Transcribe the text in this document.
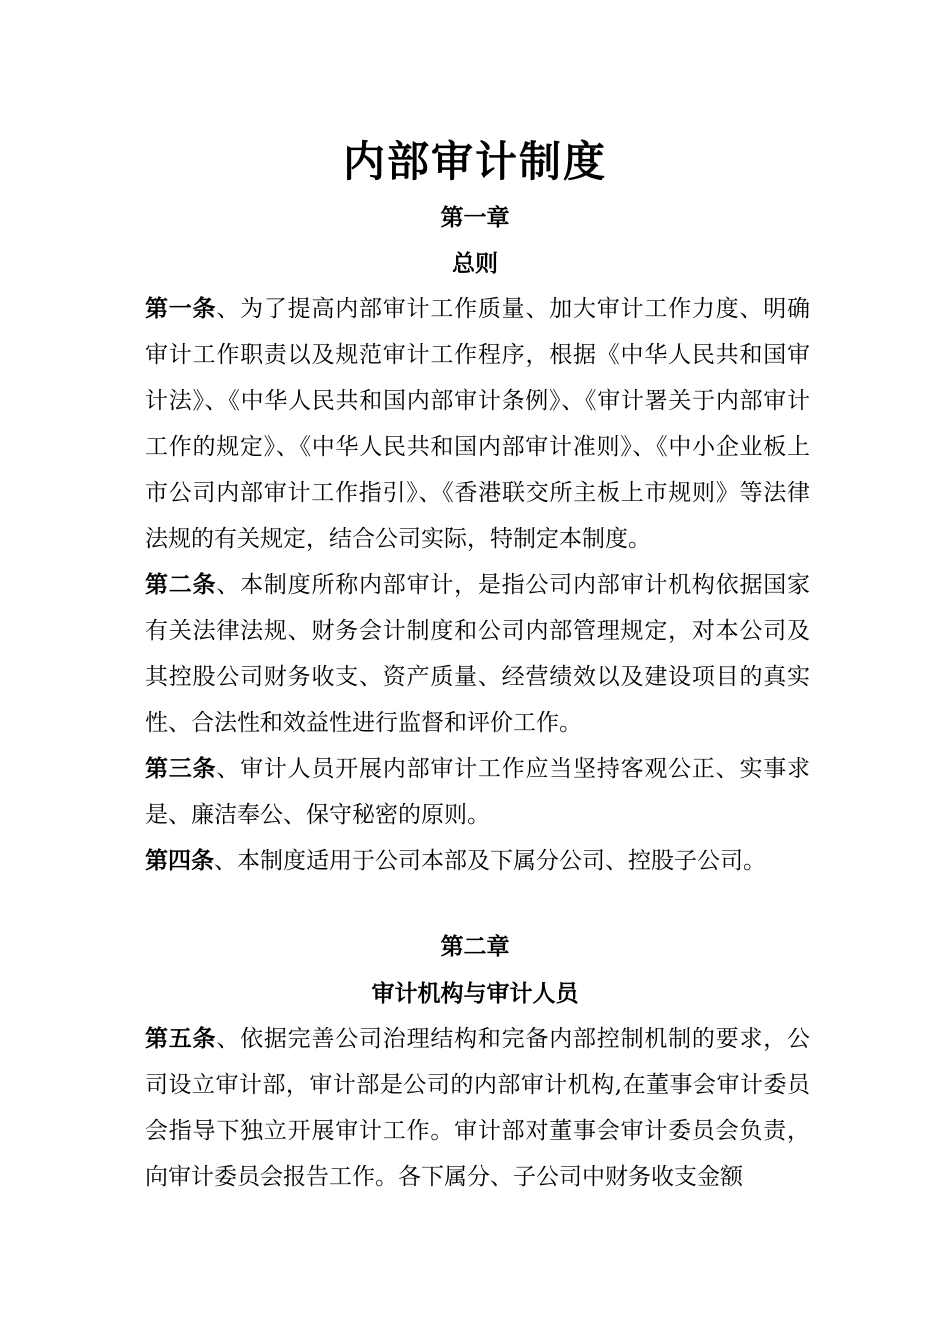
内部审计制度
第一章
总则

第一条、为了提高内部审计工作质量、加大审计工作力度、明确审计工作职责以及规范审计工作程序，根据《中华人民共和国审计法》、《中华人民共和国内部审计条例》、《审计署关于内部审计工作的规定》、《中华人民共和国内部审计准则》、《中小企业板上市公司内部审计工作指引》、《香港联交所主板上市规则》等法律法规的有关规定，结合公司实际，特制定本制度。

第二条、本制度所称内部审计，是指公司内部审计机构依据国家有关法律法规、财务会计制度和公司内部管理规定，对本公司及其控股公司财务收支、资产质量、经营绩效以及建设项目的真实性、合法性和效益性进行监督和评价工作。

第三条、审计人员开展内部审计工作应当坚持客观公正、实事求是、廉洁奉公、保守秘密的原则。

第四条、本制度适用于公司本部及下属分公司、控股子公司。

第二章
审计机构与审计人员

第五条、依据完善公司治理结构和完备内部控制机制的要求，公司设立审计部，审计部是公司的内部审计机构,在董事会审计委员会指导下独立开展审计工作。审计部对董事会审计委员会负责，向审计委员会报告工作。各下属分、子公司中财务收支金额
